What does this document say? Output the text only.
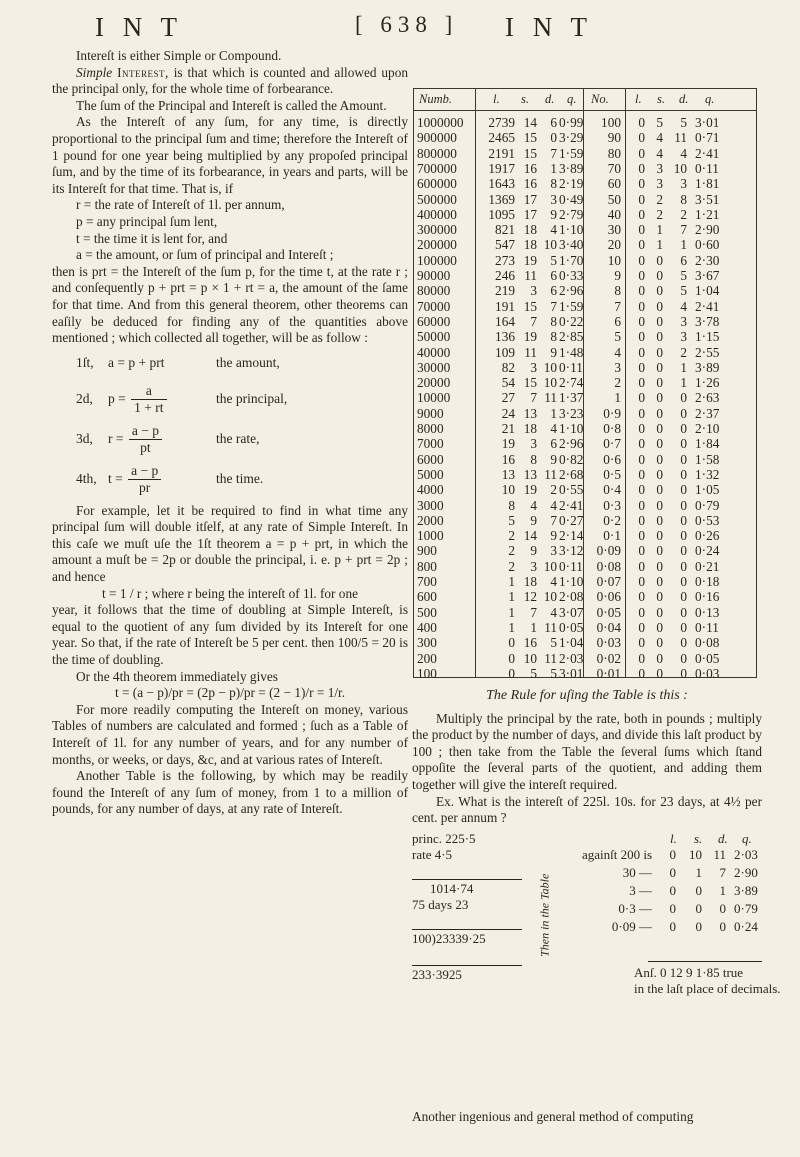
I N T	[ 638 ] I N T

Intereſt is either Simple or Compound.

Simple Interest, is that which is counted and allowed upon the principal only, for the whole time of forbearance.

The ſum of the Principal and Intereſt is called the Amount.

As the Intereſt of any ſum, for any time, is directly proportional to the principal ſum and time; therefore the Intereſt of 1 pound for one year being multiplied by any propoſed principal ſum, and by the time of its forbearance, in years and parts, will be its Intereſt for that time. That is, if

r = the rate of Intereſt of 1l. per annum,

p = any principal ſum lent,

t = the time it is lent for, and

a = the amount, or ſum of principal and Intereſt ;

then is prt = the Intereſt of the ſum p, for the time t, at the rate r ; and conſequently p + prt = p × 1 + rt = a, the amount of the ſame for that time. And from this general theorem, other theorems can eaſily be deduced for finding any of the quantities above mentioned ; which collected all together, will be as follow :

1ſt,	a = p + prt	the amount,
2d,	$p = \frac{a}{1 + rt}$	the principal,
3d,	$r = \frac{a - p}{pt}$	the rate,
4th, $t = \frac{a - p}{pr}$	the time.

For example, let it be required to find in what time any principal ſum will double itſelf, at any rate of Simple Intereſt. In this caſe we muſt uſe the 1ſt theorem a = p + prt, in which the amount a muſt be = 2p or double the principal, i. e. p + prt = 2p ; and hence

t = 1 / r ; where r being the intereſt of 1l. for one

year, it follows that the time of doubling at Simple Intereſt, is equal to the quotient of any ſum divided by its Intereſt for one year. So that, if the rate of Intereſt be 5 per cent. then 100/5 = 20 is the time of doubling.

Or the 4th theorem immediately gives

t = (a − p)/pr = (2p − p)/pr = (2 − 1)/r = 1/r.

For more readily computing the Intereſt on money, various Tables of numbers are calculated and formed ; ſuch as a Table of Intereſt of 1l. for any number of years, and for any number of months, or weeks, or days, &c, and at various rates of Intereſt.

Another Table is the following, by which may be readily found the Intereſt of any ſum of money, from 1 to a million of pounds, for any number of days, at any rate of Intereſt.

Numb.	l. s. d. q. No. l. s. d. q.
1000000	2739 14	6 0·99	100	0 5	5 3·01
900000	2465 15	0 3·29	90	0 4 11 0·71
800000	2191 15	7 1·59	80	0 4	4 2·41
700000	1917 16	1 3·89	70	0 3 10 0·11
600000	1643 16	8 2·19	60	0 3	3 1·81
500000	1369 17	3 0·49	50	0 2	8 3·51
400000	1095 17	9 2·79	40	0 2	2 1·21
300000	821 18	4 1·10	30	0 1	7 2·90
200000	547 18 10 3·40	20	0 1	1 0·60
100000	273 19	5 1·70	10	0 0	6 2·30
90000	246 11	6 0·33	9	0 0	5 3·67
80000	219	3	6 2·96	8	0 0	5 1·04
70000	191 15	7 1·59	7	0 0	4 2·41
60000	164	7	8 0·22	6	0 0	3 3·78
50000	136 19	8 2·85	5	0 0	3 1·15
40000	109 11	9 1·48	4	0 0	2 2·55
30000	82	3 10 0·11	3	0 0	1 3·89
20000	54 15 10 2·74	2	0 0	1 1·26
10000	27	7 11 1·37	1	0 0	0 2·63
9000	24 13	1 3·23	0·9	0 0	0 2·37
8000	21 18	4 1·10	0·8	0 0	0 2·10
7000	19	3	6 2·96	0·7	0 0	0 1·84
6000	16	8	9 0·82	0·6	0 0	0 1·58
5000	13 13 11 2·68	0·5	0 0	0 1·32
4000	10 19	2 0·55	0·4	0 0	0 1·05
3000	8	4	4 2·41	0·3	0 0	0 0·79
2000	5	9	7 0·27	0·2	0 0	0 0·53
1000	2 14	9 2·14	0·1	0 0	0 0·26
900	2	9	3 3·12 0·09	0 0	0 0·24
800	2	3 10 0·11	0·08	0 0	0 0·21
700	1 18	4 1·10 0·07	0 0	0 0·18
600	1 12 10 2·08 0·06	0 0	0 0·16
500	1	7	4 3·07 0·05	0 0	0 0·13
400	1	1 11 0·05 0·04	0 0	0 0·11
300	0 16	5 1·04 0·03	0 0	0 0·08
200	0 10 11 2·03 0·02	0 0	0 0·05
100	0	5	5 3·01 0·01	0 0	0 0·03

The Rule for uſing the Table is this :

Multiply the principal by the rate, both in pounds ; multiply the product by the number of days, and divide this laſt product by 100 ; then take from the Table the ſeveral ſums which ſtand oppoſite the ſeveral parts of the quotient, and adding them together will give the intereſt required.

Ex. What is the intereſt of 225l. 10s. for 23 days, at 4½ per cent. per annum ?

princ. 225·5
rate 4·5

1014·74
75 days 23

100)23339·25

233·3925
Then in the Table
l. s. d. q.
againſt 200 is	0	10 11 2·03
30 —	0	1	7 2·90
3 —	0	0	1 3·89
0·3 —	0	0	0 0·79
0·09 —	0	0	0 0·24

Anſ. 0 12 9 1·85 true
in the laſt place of decimals.
Another ingenious and general method of computing
